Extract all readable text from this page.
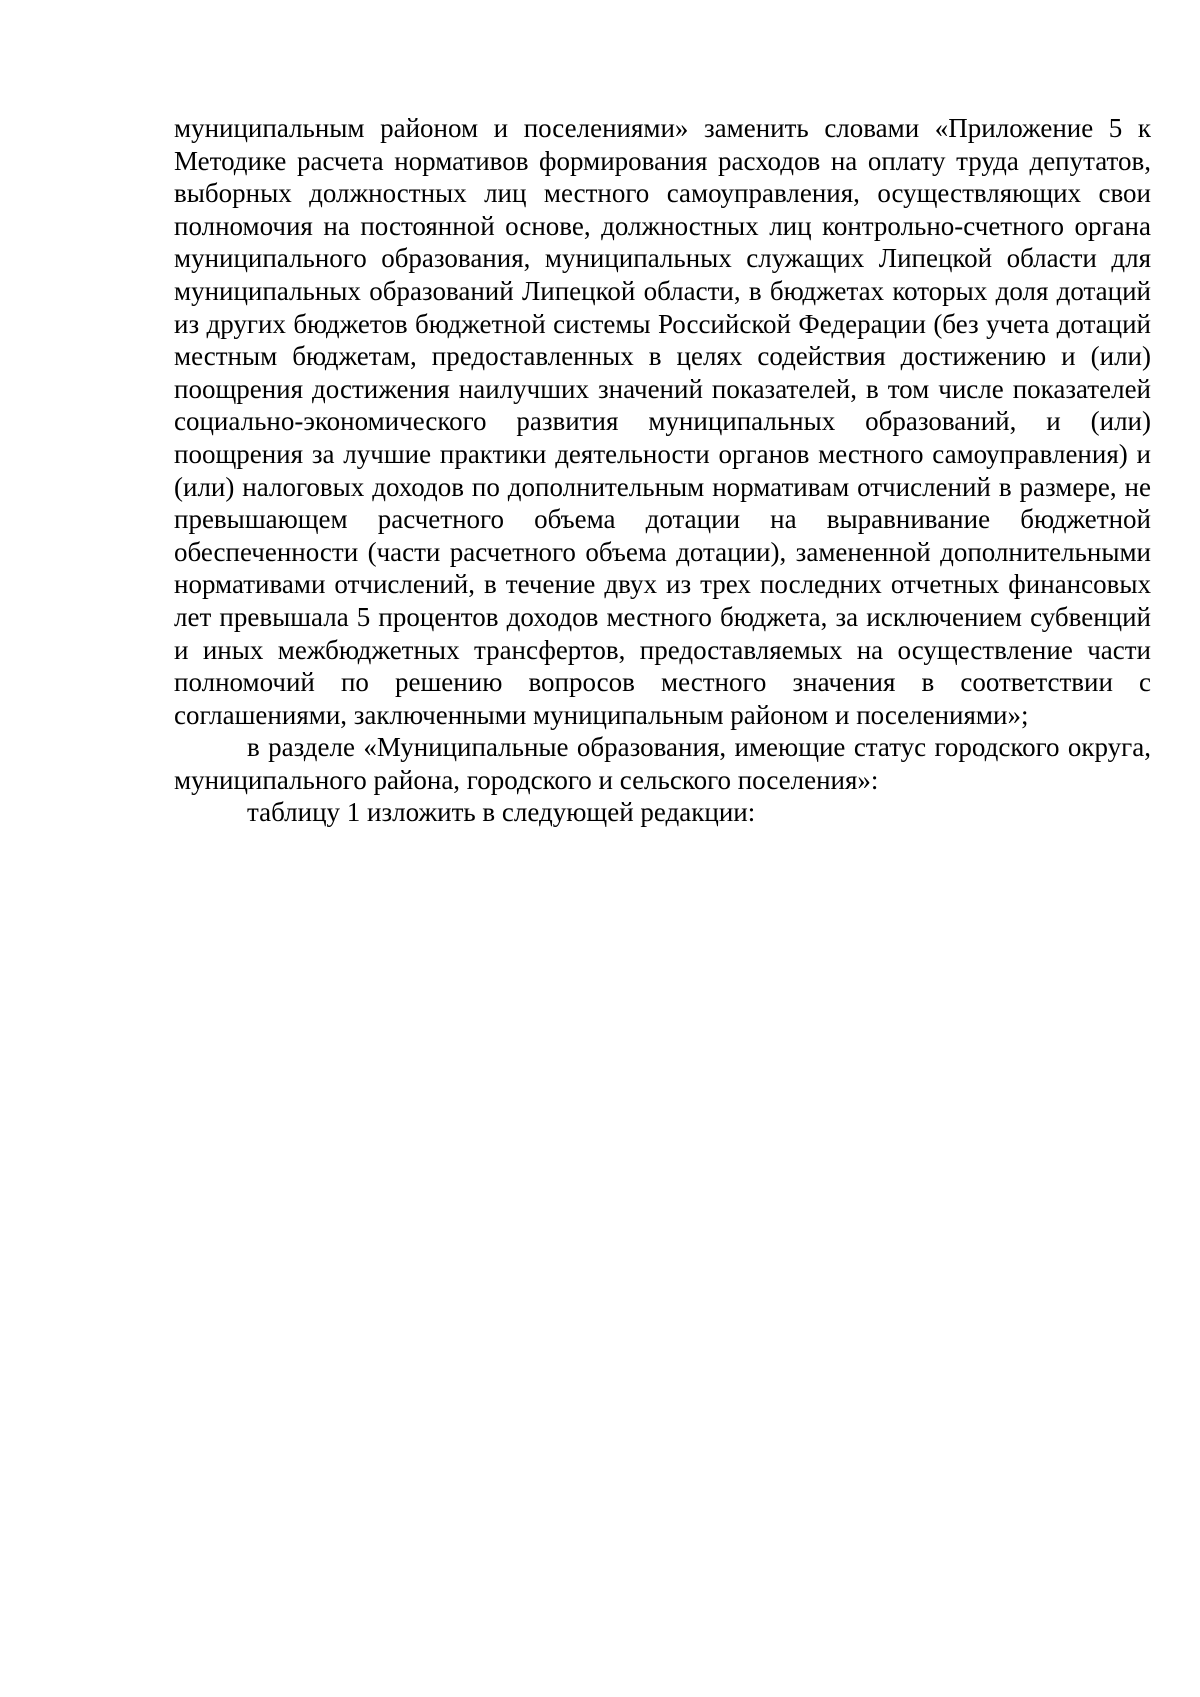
муниципальным районом и поселениями» заменить словами «Приложение 5 к Методике расчета нормативов формирования расходов на оплату труда депутатов, выборных должностных лиц местного самоуправления, осуществляющих свои полномочия на постоянной основе, должностных лиц контрольно-счетного органа муниципального образования, муниципальных служащих Липецкой области для муниципальных образований Липецкой области, в бюджетах которых доля дотаций из других бюджетов бюджетной системы Российской Федерации (без учета дотаций местным бюджетам, предоставленных в целях содействия достижению и (или) поощрения достижения наилучших значений показателей, в том числе показателей социально-экономического развития муниципальных образований, и (или) поощрения за лучшие практики деятельности органов местного самоуправления) и (или) налоговых доходов по дополнительным нормативам отчислений в размере, не превышающем расчетного объема дотации на выравнивание бюджетной обеспеченности (части расчетного объема дотации), замененной дополнительными нормативами отчислений, в течение двух из трех последних отчетных финансовых лет превышала 5 процентов доходов местного бюджета, за исключением субвенций и иных межбюджетных трансфертов, предоставляемых на осуществление части полномочий по решению вопросов местного значения в соответствии с соглашениями, заключенными муниципальным районом и поселениями»;

в разделе «Муниципальные образования, имеющие статус городского округа, муниципального района, городского и сельского поселения»:

таблицу 1 изложить в следующей редакции:
